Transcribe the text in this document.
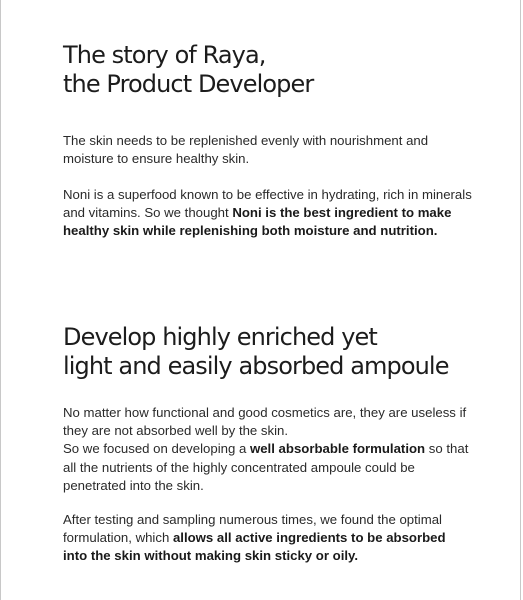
The story of Raya,
the Product Developer

The skin needs to be replenished evenly with nourishment and moisture to ensure healthy skin.

Noni is a superfood known to be effective in hydrating, rich in minerals and vitamins. So we thought Noni is the best ingredient to make healthy skin while replenishing both moisture and nutrition.

Develop highly enriched yet
light and easily absorbed ampoule

No matter how functional and good cosmetics are, they are useless if they are not absorbed well by the skin.
So we focused on developing a well absorbable formulation so that all the nutrients of the highly concentrated ampoule could be penetrated into the skin.

After testing and sampling numerous times, we found the optimal formulation, which allows all active ingredients to be absorbed into the skin without making skin sticky or oily.
